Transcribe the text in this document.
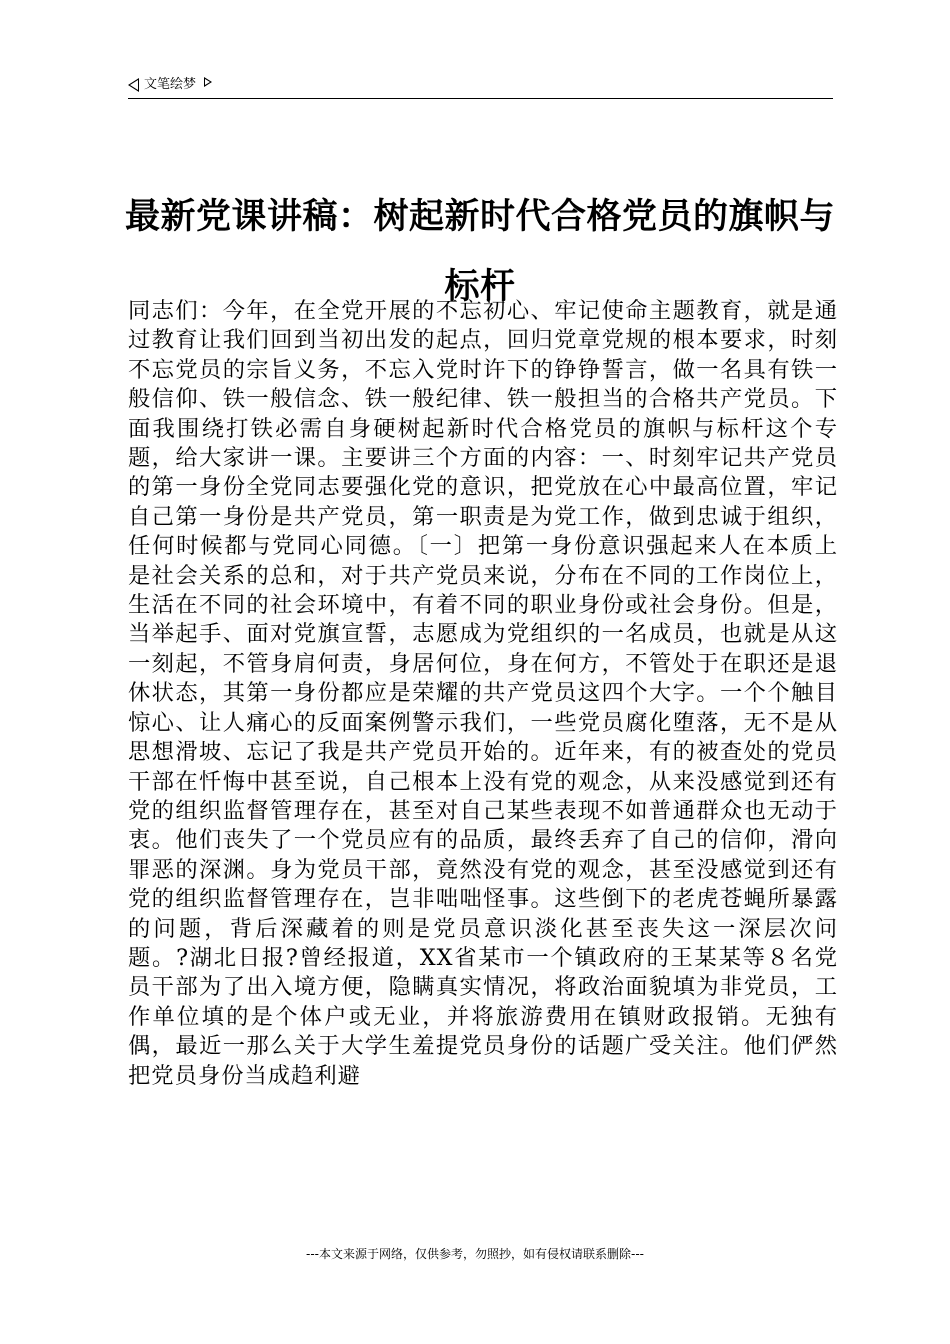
文笔绘梦
最新党课讲稿：树起新时代合格党员的旗帜与标杆

同志们：今年，在全党开展的不忘初心、牢记使命主题教育，就是通过教育让我们回到当初出发的起点，回归党章党规的根本要求，时刻不忘党员的宗旨义务，不忘入党时许下的铮铮誓言，做一名具有铁一般信仰、铁一般信念、铁一般纪律、铁一般担当的合格共产党员。下面我围绕打铁必需自身硬树起新时代合格党员的旗帜与标杆这个专题，给大家讲一课。主要讲三个方面的内容：一、时刻牢记共产党员的第一身份全党同志要强化党的意识，把党放在心中最高位置，牢记自己第一身份是共产党员，第一职责是为党工作，做到忠诚于组织，任何时候都与党同心同德。〔一〕把第一身份意识强起来人在本质上是社会关系的总和，对于共产党员来说，分布在不同的工作岗位上，生活在不同的社会环境中，有着不同的职业身份或社会身份。但是，当举起手、面对党旗宣誓，志愿成为党组织的一名成员，也就是从这一刻起，不管身肩何责，身居何位，身在何方，不管处于在职还是退休状态，其第一身份都应是荣耀的共产党员这四个大字。一个个触目惊心、让人痛心的反面案例警示我们，一些党员腐化堕落，无不是从思想滑坡、忘记了我是共产党员开始的。近年来，有的被查处的党员干部在忏悔中甚至说，自己根本上没有党的观念，从来没感觉到还有党的组织监督管理存在，甚至对自己某些表现不如普通群众也无动于衷。他们丧失了一个党员应有的品质，最终丢弃了自己的信仰，滑向罪恶的深渊。身为党员干部，竟然没有党的观念，甚至没感觉到还有党的组织监督管理存在，岂非咄咄怪事。这些倒下的老虎苍蝇所暴露的问题，背后深藏着的则是党员意识淡化甚至丧失这一深层次问题。?湖北日报?曾经报道，XX省某市一个镇政府的王某某等８名党员干部为了出入境方便，隐瞒真实情况，将政治面貌填为非党员，工作单位填的是个体户或无业，并将旅游费用在镇财政报销。无独有偶，最近一那么关于大学生羞提党员身份的话题广受关注。他们俨然把党员身份当成趋利避

---本文来源于网络，仅供参考，勿照抄，如有侵权请联系删除---
